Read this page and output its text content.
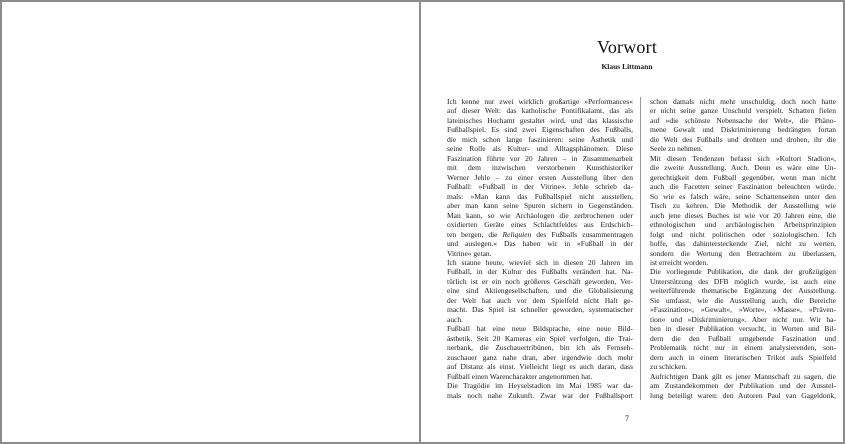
Vorwort
Klaus Littmann
Ich kenne nur zwei wirklich großartige »Performances«
auf dieser Welt: das katholische Pontifikalamt, das als
lateinisches Hochamt gestaltet wird, und das klassische
Fußballspiel. Es sind zwei Eigenschaften des Fußballs,
die mich schon lange faszinieren: seine Ästhetik und
seine Rolle als Kultur- und Alltagsphänomen. Diese
Faszination führte vor 20 Jahren – in Zusammenarbeit
mit dem inzwischen verstorbenen Kunsthistoriker
Werner Jehle – zu einer ersten Ausstellung über den
Fußball: »Fußball in der Vitrine«. Jehle schrieb da-
mals: »Man kann das Fußballspiel nicht ausstellen,
aber man kann seine Spuren sichern in Gegenständen.
Man kann, so wie Archäologen die zerbrochenen oder
oxidierten Geräte eines Schlachtfeldes aus Erdschich-
ten bergen, die Reliquien des Fußballs zusammentragen
und auslegen.« Das haben wir in »Fußball in der
Vitrine« getan.
Ich staune heute, wieviel sich in diesen 20 Jahren im
Fußball, in der Kultur des Fußballs verändert hat. Na-
türlich ist er ein noch größeres Geschäft geworden, Ver-
eine sind Aktiengesellschaften, und die Globalisierung
der Welt hat auch vor dem Spielfeld nicht Halt ge-
macht. Das Spiel ist schneller geworden, systematischer
auch.
Fußball hat eine neue Bildsprache, eine neue Bild-
ästhetik. Seit 20 Kameras ein Spiel verfolgen, die Trai-
nerbank, die Zuschauertribünen, bin ich als Fernseh-
zuschauer ganz nahe dran, aber irgendwie doch mehr
auf Distanz als einst. Vielleicht liegt es auch daran, dass
Fußball einen Warencharakter angenommen hat.
Die Tragödie im Heyselstadion im Mai 1985 war da-
mals noch nahe Zukunft. Zwar war der Fußballsport
schon damals nicht mehr unschuldig, doch noch hatte
er nicht seine ganze Unschuld verspielt. Schatten fielen
auf »die schönste Nebensache der Welt«, die Phäno-
mene Gewalt und Diskriminierung bedrängten fortan
die Welt des Fußballs und drohten und drohen, ihr die
Seele zu nehmen.
Mit diesen Tendenzen befasst sich »Kultort Stadion«,
die zweite Ausstellung. Auch. Denn es wäre eine Un-
gerechtigkeit dem Fußball gegenüber, wenn man nicht
auch die Facetten seiner Faszination beleuchten würde.
So wie es falsch wäre, seine Schattenseiten unter den
Tisch zu kehren. Die Methodik der Ausstellung wie
auch jene dieses Buches ist wie vor 20 Jahren eine, die
ethnologischen und archäologischen Arbeitsprinzipien
folgt und nicht politischen oder soziologischen. Ich
hoffe, das dahintersteckende Ziel, nicht zu werten,
sondern die Wertung den Betrachtern zu überlassen,
ist erreicht worden.
Die vorliegende Publikation, die dank der großzügigen
Unterstützung des DFB möglich wurde, ist auch eine
weiterführende thematische Ergänzung der Ausstellung.
Sie umfasst, wie die Ausstellung auch, die Bereiche
»Faszination«, »Gewalt«, »Worte«, »Masse«, »Präven-
tion« und »Diskriminierung«. Aber nicht nur. Wir ha-
ben in dieser Publikation versucht, in Worten und Bil-
dern die den Fußball umgebende Faszination und
Problematik nicht nur in einem analysierenden, son-
dern auch in einem literarischen Trikot aufs Spielfeld
zu schicken.
Aufrichtigen Dank gilt es jener Mannschaft zu sagen, die
am Zustandekommen der Publikation und der Ausstel-
lung beteiligt waren: den Autoren Paul van Gageldonk,
7
